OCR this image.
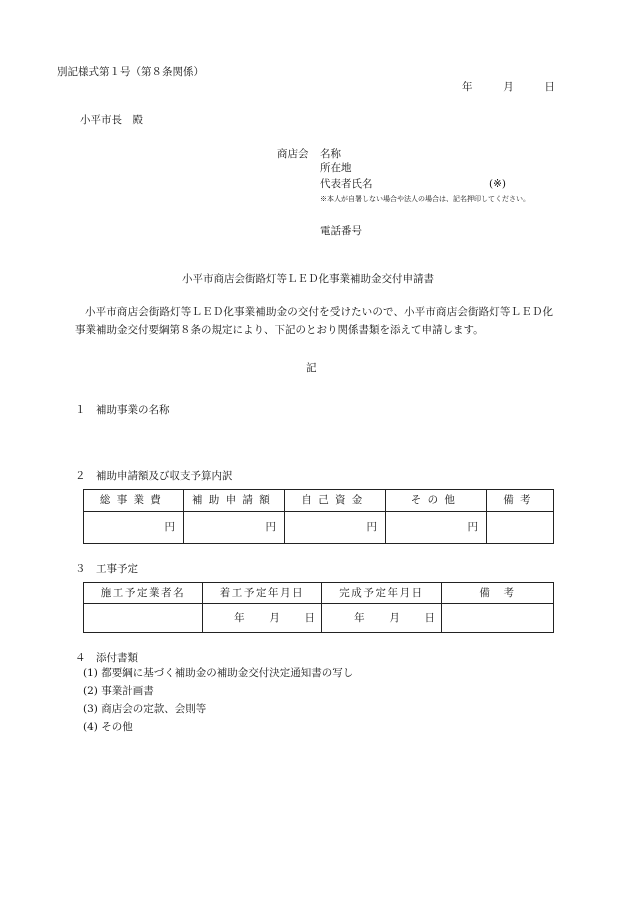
別記様式第１号（第８条関係）
年	月	日
小平市長　殿
商店会 名称
所在地
代表者氏名	(※)
※本人が自署しない場合や法人の場合は、記名押印してください。
電話番号
小平市商店会街路灯等ＬＥＤ化事業補助金交付申請書
小平市商店会街路灯等ＬＥＤ化事業補助金の交付を受けたいので、小平市商店会街路灯等ＬＥＤ化事業補助金交付要綱第８条の規定により、下記のとおり関係書類を添えて申請します。
記
１　補助事業の名称
２　補助申請額及び収支予算内訳
総事業費	補助申請額	自己資金	その他	備考
円	円	円	円	
３　工事予定
施工予定業者名	着工予定年月日	完成予定年月日	備　考
	年 月 日	年 月 日	
４　添付書類
(1) 都要綱に基づく補助金の補助金交付決定通知書の写し
(2) 事業計画書
(3) 商店会の定款、会則等
(4) その他
